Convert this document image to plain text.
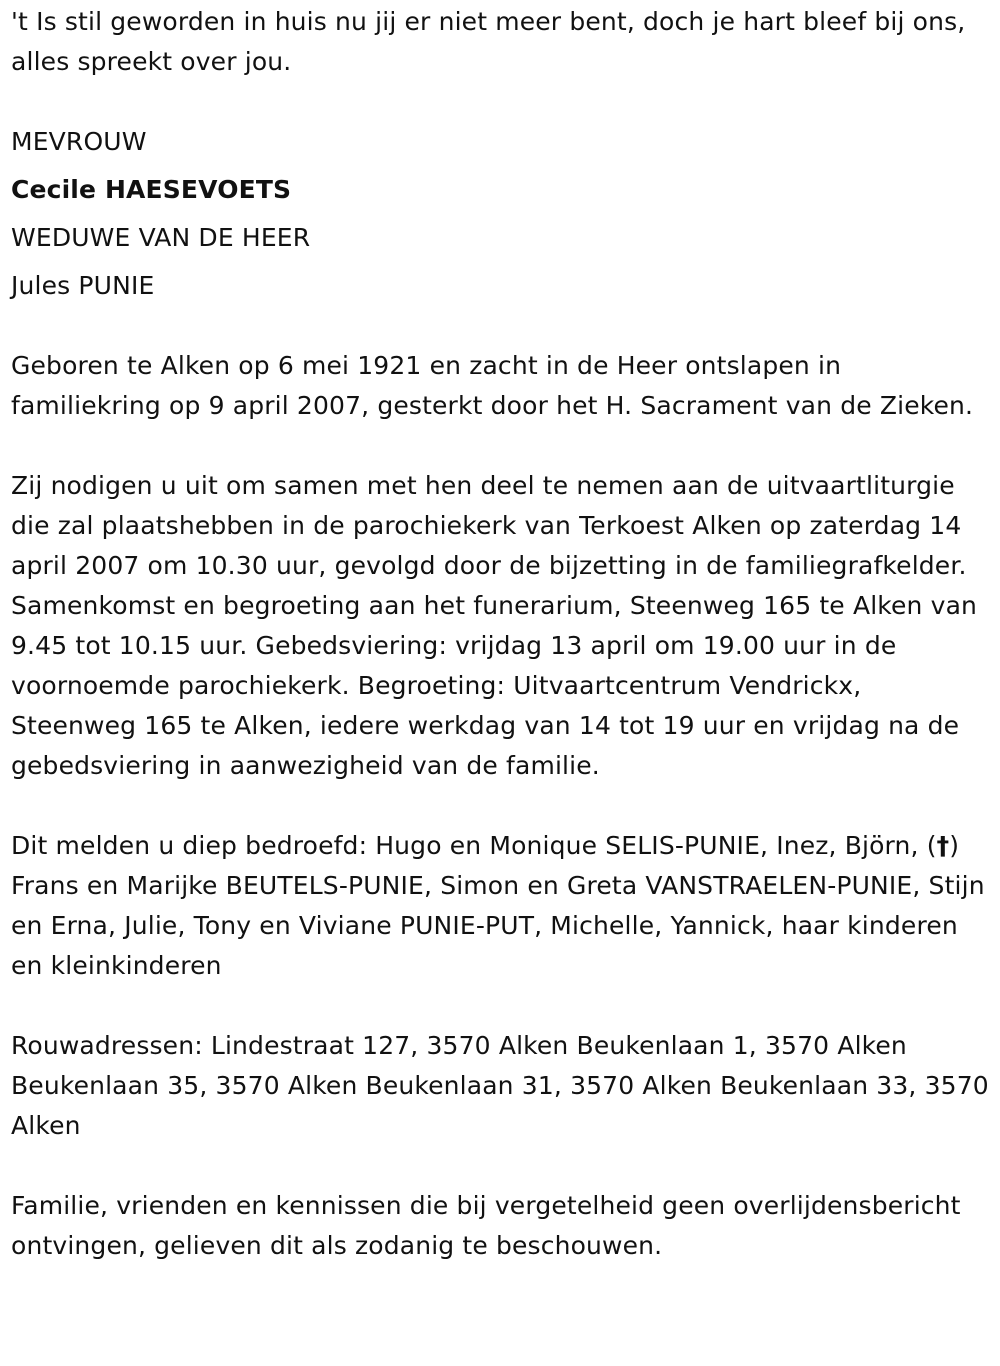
't Is stil geworden in huis nu jij er niet meer bent, doch je hart bleef bij ons, alles spreekt over jou.

MEVROUW
Cecile HAESEVOETS
WEDUWE VAN DE HEER
Jules PUNIE

Geboren te Alken op 6 mei 1921 en zacht in de Heer ontslapen in familiekring op 9 april 2007, gesterkt door het H. Sacrament van de Zieken.

Zij nodigen u uit om samen met hen deel te nemen aan de uitvaartliturgie die zal plaatshebben in de parochiekerk van Terkoest Alken op zaterdag 14 april 2007 om 10.30 uur, gevolgd door de bijzetting in de familiegrafkelder. Samenkomst en begroeting aan het funerarium, Steenweg 165 te Alken van 9.45 tot 10.15 uur. Gebedsviering: vrijdag 13 april om 19.00 uur in de voornoemde parochiekerk. Begroeting: Uitvaartcentrum Vendrickx, Steenweg 165 te Alken, iedere werkdag van 14 tot 19 uur en vrijdag na de gebedsviering in aanwezigheid van de familie.

Dit melden u diep bedroefd: Hugo en Monique SELIS-PUNIE, Inez, Björn, (†) Frans en Marijke BEUTELS-PUNIE, Simon en Greta VANSTRAELEN-PUNIE, Stijn en Erna, Julie, Tony en Viviane PUNIE-PUT, Michelle, Yannick, haar kinderen en kleinkinderen

Rouwadressen: Lindestraat 127, 3570 Alken Beukenlaan 1, 3570 Alken Beukenlaan 35, 3570 Alken Beukenlaan 31, 3570 Alken Beukenlaan 33, 3570 Alken

Familie, vrienden en kennissen die bij vergetelheid geen overlijdensbericht ontvingen, gelieven dit als zodanig te beschouwen.
